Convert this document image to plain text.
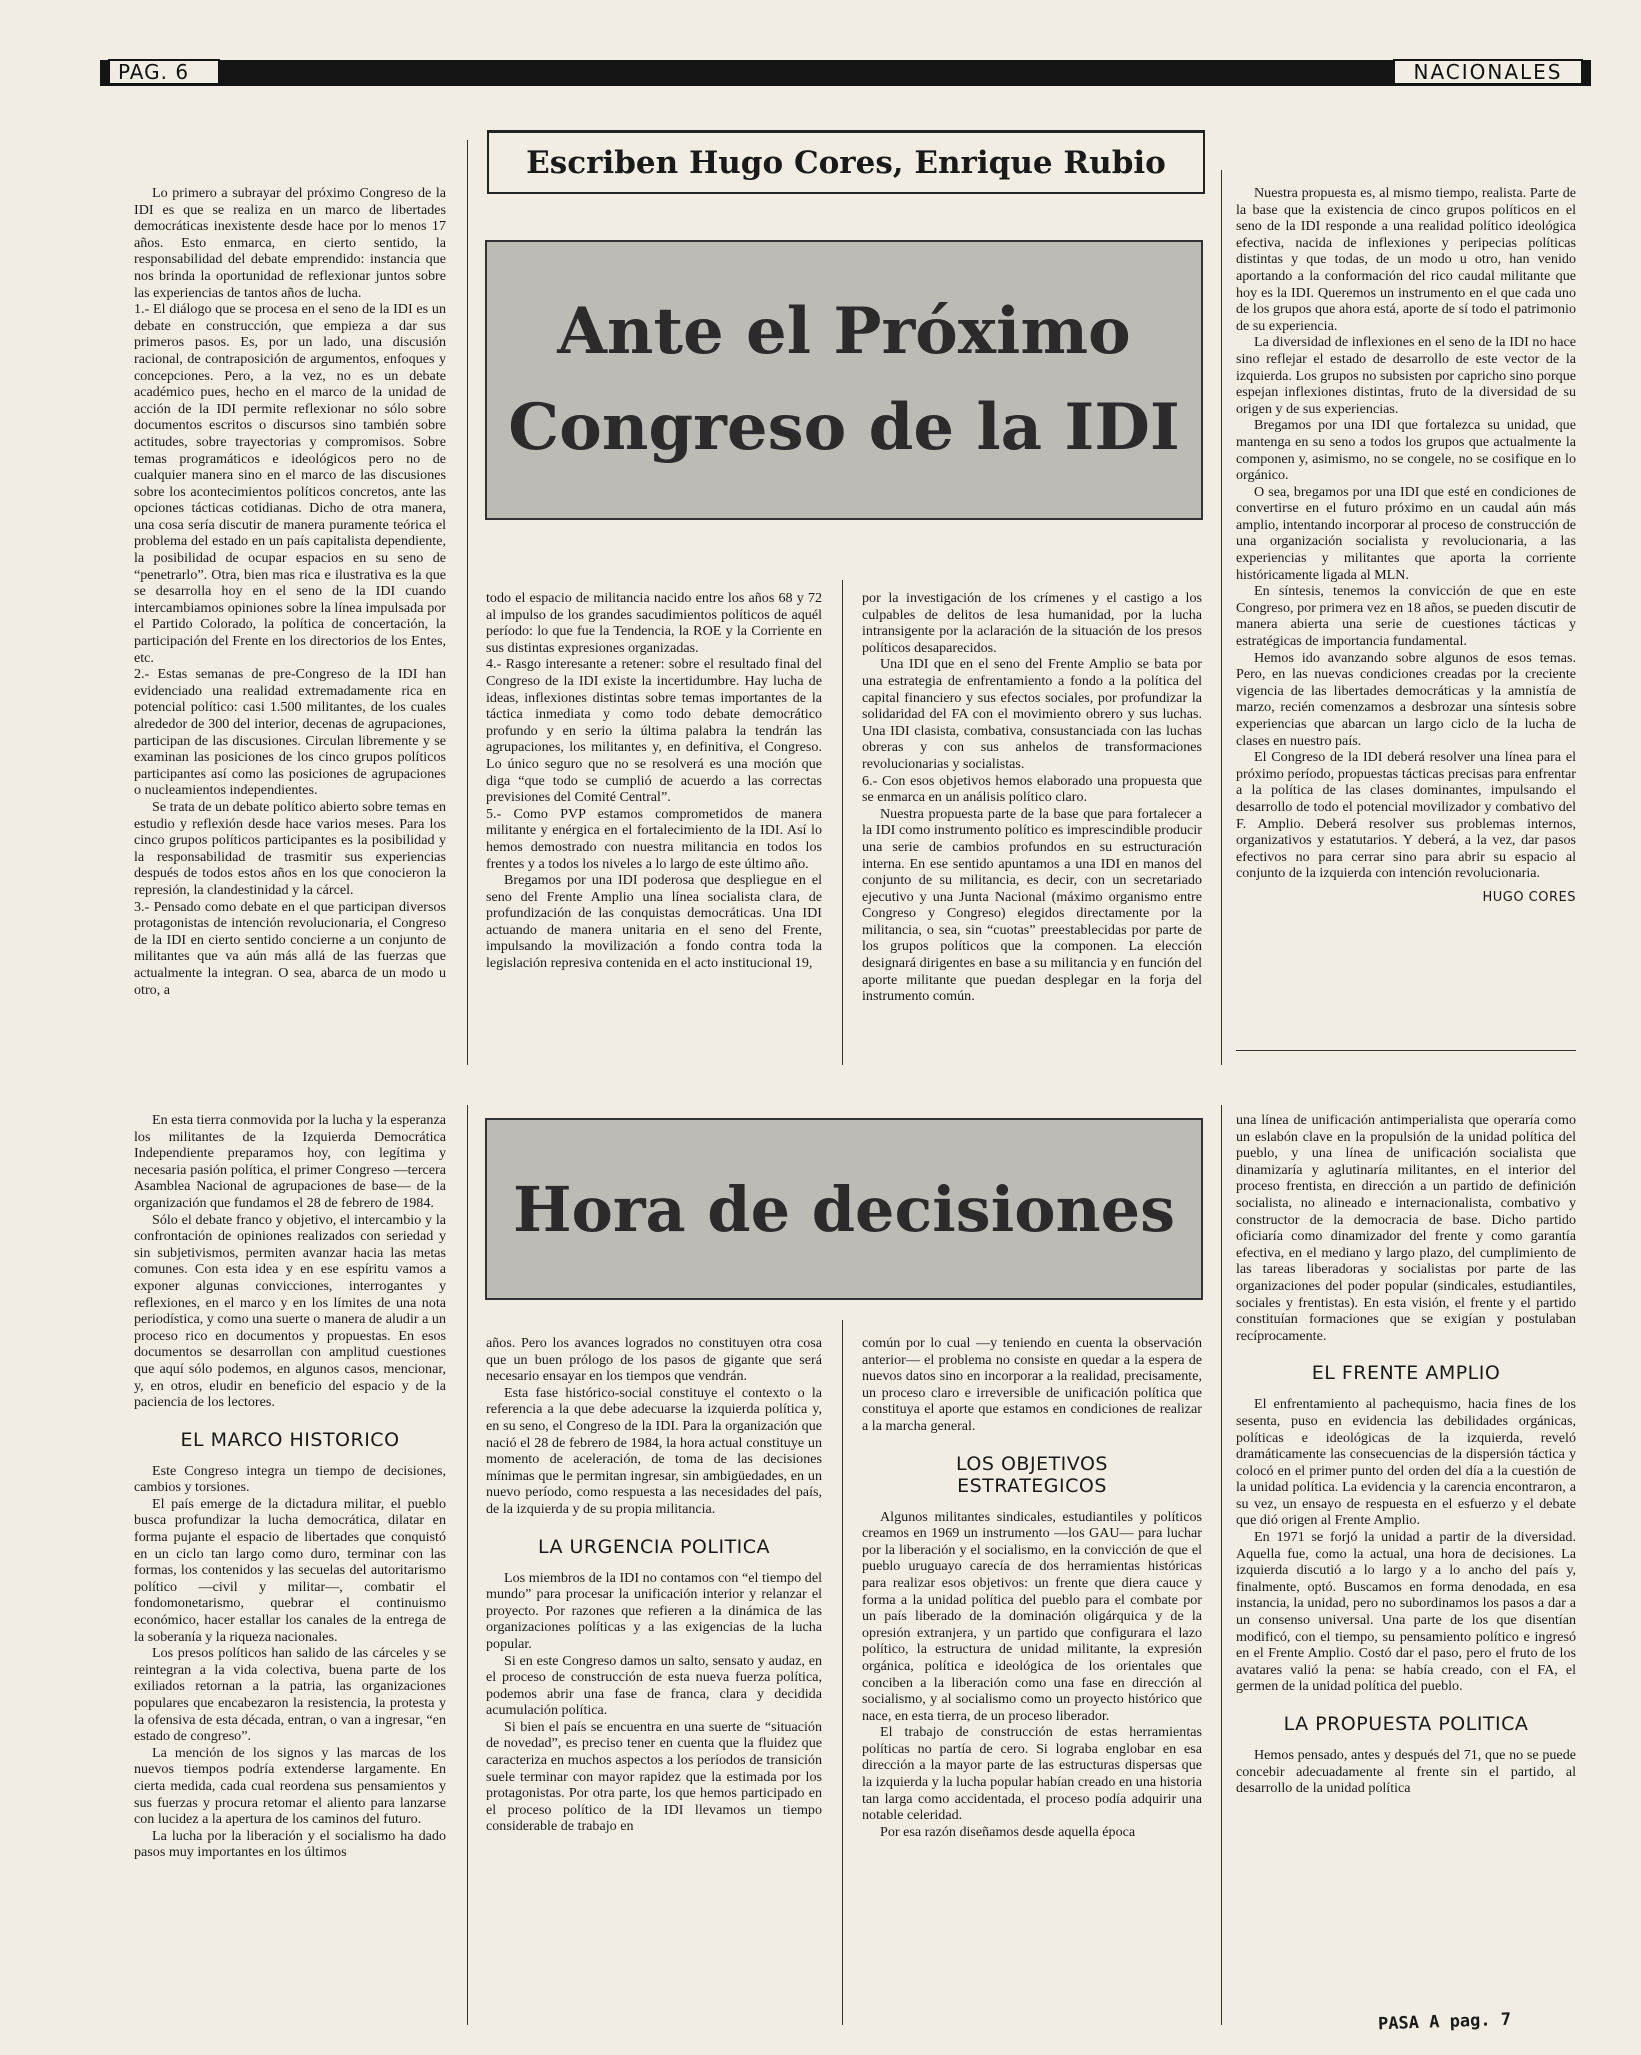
PAG. 6	NACIONALES
Escriben Hugo Cores, Enrique Rubio
Ante el Próximo
Congreso de la IDI

Lo primero a subrayar del próximo Congreso de la IDI es que se realiza en un marco de libertades democráticas inexistente desde hace por lo menos 17 años. Esto enmarca, en cierto sentido, la responsabilidad del debate emprendido: instancia que nos brinda la oportunidad de reflexionar juntos sobre las experiencias de tantos años de lucha.

1.- El diálogo que se procesa en el seno de la IDI es un debate en construcción, que empieza a dar sus primeros pasos. Es, por un lado, una discusión racional, de contraposición de argumentos, enfoques y concepciones. Pero, a la vez, no es un debate académico pues, hecho en el marco de la unidad de acción de la IDI permite reflexionar no sólo sobre documentos escritos o discursos sino también sobre actitudes, sobre trayectorias y compromisos. Sobre temas programáticos e ideológicos pero no de cualquier manera sino en el marco de las discusiones sobre los acontecimientos políticos concretos, ante las opciones tácticas cotidianas. Dicho de otra manera, una cosa sería discutir de manera puramente teórica el problema del estado en un país capitalista dependiente, la posibilidad de ocupar espacios en su seno de “penetrarlo”. Otra, bien mas rica e ilustrativa es la que se desarrolla hoy en el seno de la IDI cuando intercambiamos opiniones sobre la línea impulsada por el Partido Colorado, la política de concertación, la participación del Frente en los directorios de los Entes, etc.

2.- Estas semanas de pre-Congreso de la IDI han evidenciado una realidad extremadamente rica en potencial político: casi 1.500 militantes, de los cuales alrededor de 300 del interior, decenas de agrupaciones, participan de las discusiones. Circulan libremente y se examinan las posiciones de los cinco grupos políticos participantes así como las posiciones de agrupaciones o nucleamientos independientes.

Se trata de un debate político abierto sobre temas en estudio y reflexión desde hace varios meses. Para los cinco grupos políticos participantes es la posibilidad y la responsabilidad de trasmitir sus experiencias después de todos estos años en los que conocieron la represión, la clandestinidad y la cárcel.

3.- Pensado como debate en el que participan diversos protagonistas de intención revolucionaria, el Congreso de la IDI en cierto sentido concierne a un conjunto de militantes que va aún más allá de las fuerzas que actualmente la integran. O sea, abarca de un modo u otro, a

todo el espacio de militancia nacido entre los años 68 y 72 al impulso de los grandes sacudimientos políticos de aquél período: lo que fue la Tendencia, la ROE y la Corriente en sus distintas expresiones organizadas.

4.- Rasgo interesante a retener: sobre el resultado final del Congreso de la IDI existe la incertidumbre. Hay lucha de ideas, inflexiones distintas sobre temas importantes de la táctica inmediata y como todo debate democrático profundo y en serio la última palabra la tendrán las agrupaciones, los militantes y, en definitiva, el Congreso. Lo único seguro que no se resolverá es una moción que diga “que todo se cumplió de acuerdo a las correctas previsiones del Comité Central”.

5.- Como PVP estamos comprometidos de manera militante y enérgica en el fortalecimiento de la IDI. Así lo hemos demostrado con nuestra militancia en todos los frentes y a todos los niveles a lo largo de este último año.

Bregamos por una IDI poderosa que despliegue en el seno del Frente Amplio una línea socialista clara, de profundización de las conquistas democráticas. Una IDI actuando de manera unitaria en el seno del Frente, impulsando la movilización a fondo contra toda la legislación represiva contenida en el acto institucional 19,

por la investigación de los crímenes y el castigo a los culpables de delitos de lesa humanidad, por la lucha intransigente por la aclaración de la situación de los presos políticos desaparecidos.

Una IDI que en el seno del Frente Amplio se bata por una estrategia de enfrentamiento a fondo a la política del capital financiero y sus efectos sociales, por profundizar la solidaridad del FA con el movimiento obrero y sus luchas. Una IDI clasista, combativa, consustanciada con las luchas obreras y con sus anhelos de transformaciones revolucionarias y socialistas.

6.- Con esos objetivos hemos elaborado una propuesta que se enmarca en un análisis político claro.

Nuestra propuesta parte de la base que para fortalecer a la IDI como instrumento político es imprescindible producir una serie de cambios profundos en su estructuración interna. En ese sentido apuntamos a una IDI en manos del conjunto de su militancia, es decir, con un secretariado ejecutivo y una Junta Nacional (máximo organismo entre Congreso y Congreso) elegidos directamente por la militancia, o sea, sin “cuotas” preestablecidas por parte de los grupos políticos que la componen. La elección designará dirigentes en base a su militancia y en función del aporte militante que puedan desplegar en la forja del instrumento común.

Nuestra propuesta es, al mismo tiempo, realista. Parte de la base que la existencia de cinco grupos políticos en el seno de la IDI responde a una realidad político ideológica efectiva, nacida de inflexiones y peripecias políticas distintas y que todas, de un modo u otro, han venido aportando a la conformación del rico caudal militante que hoy es la IDI. Queremos un instrumento en el que cada uno de los grupos que ahora está, aporte de sí todo el patrimonio de su experiencia.

La diversidad de inflexiones en el seno de la IDI no hace sino reflejar el estado de desarrollo de este vector de la izquierda. Los grupos no subsisten por capricho sino porque espejan inflexiones distintas, fruto de la diversidad de su origen y de sus experiencias.

Bregamos por una IDI que fortalezca su unidad, que mantenga en su seno a todos los grupos que actualmente la componen y, asimismo, no se congele, no se cosifique en lo orgánico.

O sea, bregamos por una IDI que esté en condiciones de convertirse en el futuro próximo en un caudal aún más amplio, intentando incorporar al proceso de construcción de una organización socialista y revolucionaria, a las experiencias y militantes que aporta la corriente históricamente ligada al MLN.

En síntesis, tenemos la convicción de que en este Congreso, por primera vez en 18 años, se pueden discutir de manera abierta una serie de cuestiones tácticas y estratégicas de importancia fundamental.

Hemos ido avanzando sobre algunos de esos temas. Pero, en las nuevas condiciones creadas por la creciente vigencia de las libertades democráticas y la amnistía de marzo, recién comenzamos a desbrozar una síntesis sobre experiencias que abarcan un largo ciclo de la lucha de clases en nuestro país.

El Congreso de la IDI deberá resolver una línea para el próximo período, propuestas tácticas precisas para enfrentar a la política de las clases dominantes, impulsando el desarrollo de todo el potencial movilizador y combativo del F. Amplio. Deberá resolver sus problemas internos, organizativos y estatutarios. Y deberá, a la vez, dar pasos efectivos no para cerrar sino para abrir su espacio al conjunto de la izquierda con intención revolucionaria.

HUGO CORES
Hora de decisiones

En esta tierra conmovida por la lucha y la esperanza los militantes de la Izquierda Democrática Independiente preparamos hoy, con legítima y necesaria pasión política, el primer Congreso —tercera Asamblea Nacional de agrupaciones de base— de la organización que fundamos el 28 de febrero de 1984.

Sólo el debate franco y objetivo, el intercambio y la confrontación de opiniones realizados con seriedad y sin subjetivismos, permiten avanzar hacia las metas comunes. Con esta idea y en ese espíritu vamos a exponer algunas convicciones, interrogantes y reflexiones, en el marco y en los límites de una nota periodística, y como una suerte o manera de aludir a un proceso rico en documentos y propuestas. En esos documentos se desarrollan con amplitud cuestiones que aquí sólo podemos, en algunos casos, mencionar, y, en otros, eludir en beneficio del espacio y de la paciencia de los lectores.

EL MARCO HISTORICO

Este Congreso integra un tiempo de decisiones, cambios y torsiones.

El país emerge de la dictadura militar, el pueblo busca profundizar la lucha democrática, dilatar en forma pujante el espacio de libertades que conquistó en un ciclo tan largo como duro, terminar con las formas, los contenidos y las secuelas del autoritarismo político —civil y militar—, combatir el fondomonetarismo, quebrar el continuismo económico, hacer estallar los canales de la entrega de la soberanía y la riqueza nacionales.

Los presos políticos han salido de las cárceles y se reintegran a la vida colectiva, buena parte de los exiliados retornan a la patria, las organizaciones populares que encabezaron la resistencia, la protesta y la ofensiva de esta década, entran, o van a ingresar, “en estado de congreso”.

La mención de los signos y las marcas de los nuevos tiempos podría extenderse largamente. En cierta medida, cada cual reordena sus pensamientos y sus fuerzas y procura retomar el aliento para lanzarse con lucidez a la apertura de los caminos del futuro.

La lucha por la liberación y el socialismo ha dado pasos muy importantes en los últimos

años. Pero los avances logrados no constituyen otra cosa que un buen prólogo de los pasos de gigante que será necesario ensayar en los tiempos que vendrán.

Esta fase histórico-social constituye el contexto o la referencia a la que debe adecuarse la izquierda política y, en su seno, el Congreso de la IDI. Para la organización que nació el 28 de febrero de 1984, la hora actual constituye un momento de aceleración, de toma de las decisiones mínimas que le permitan ingresar, sin ambigüedades, en un nuevo período, como respuesta a las necesidades del país, de la izquierda y de su propia militancia.

LA URGENCIA POLITICA

Los miembros de la IDI no contamos con “el tiempo del mundo” para procesar la unificación interior y relanzar el proyecto. Por razones que refieren a la dinámica de las organizaciones políticas y a las exigencias de la lucha popular.

Si en este Congreso damos un salto, sensato y audaz, en el proceso de construcción de esta nueva fuerza política, podemos abrir una fase de franca, clara y decidida acumulación política.

Si bien el país se encuentra en una suerte de “situación de novedad”, es preciso tener en cuenta que la fluidez que caracteriza en muchos aspectos a los períodos de transición suele terminar con mayor rapidez que la estimada por los protagonistas. Por otra parte, los que hemos participado en el proceso político de la IDI llevamos un tiempo considerable de trabajo en

común por lo cual —y teniendo en cuenta la observación anterior— el problema no consiste en quedar a la espera de nuevos datos sino en incorporar a la realidad, precisamente, un proceso claro e irreversible de unificación política que constituya el aporte que estamos en condiciones de realizar a la marcha general.

LOS OBJETIVOS
ESTRATEGICOS

Algunos militantes sindicales, estudiantiles y políticos creamos en 1969 un instrumento —los GAU— para luchar por la liberación y el socialismo, en la convicción de que el pueblo uruguayo carecía de dos herramientas históricas para realizar esos objetivos: un frente que diera cauce y forma a la unidad política del pueblo para el combate por un país liberado de la dominación oligárquica y de la opresión extranjera, y un partido que configurara el lazo político, la estructura de unidad militante, la expresión orgánica, política e ideológica de los orientales que conciben a la liberación como una fase en dirección al socialismo, y al socialismo como un proyecto histórico que nace, en esta tierra, de un proceso liberador.

El trabajo de construcción de estas herramientas políticas no partía de cero. Si lograba englobar en esa dirección a la mayor parte de las estructuras dispersas que la izquierda y la lucha popular habían creado en una historia tan larga como accidentada, el proceso podía adquirir una notable celeridad.

Por esa razón diseñamos desde aquella época

una línea de unificación antimperialista que operaría como un eslabón clave en la propulsión de la unidad política del pueblo, y una línea de unificación socialista que dinamizaría y aglutinaría militantes, en el interior del proceso frentista, en dirección a un partido de definición socialista, no alineado e internacionalista, combativo y constructor de la democracia de base. Dicho partido oficiaría como dinamizador del frente y como garantía efectiva, en el mediano y largo plazo, del cumplimiento de las tareas liberadoras y socialistas por parte de las organizaciones del poder popular (sindicales, estudiantiles, sociales y frentistas). En esta visión, el frente y el partido constituían formaciones que se exigían y postulaban recíprocamente.

EL FRENTE AMPLIO

El enfrentamiento al pachequismo, hacia fines de los sesenta, puso en evidencia las debilidades orgánicas, políticas e ideológicas de la izquierda, reveló dramáticamente las consecuencias de la dispersión táctica y colocó en el primer punto del orden del día a la cuestión de la unidad política. La evidencia y la carencia encontraron, a su vez, un ensayo de respuesta en el esfuerzo y el debate que dió origen al Frente Amplio.

En 1971 se forjó la unidad a partir de la diversidad. Aquella fue, como la actual, una hora de decisiones. La izquierda discutió a lo largo y a lo ancho del país y, finalmente, optó. Buscamos en forma denodada, en esa instancia, la unidad, pero no subordinamos los pasos a dar a un consenso universal. Una parte de los que disentían modificó, con el tiempo, su pensamiento político e ingresó en el Frente Amplio. Costó dar el paso, pero el fruto de los avatares valió la pena: se había creado, con el FA, el germen de la unidad política del pueblo.

LA PROPUESTA POLITICA

Hemos pensado, antes y después del 71, que no se puede concebir adecuadamente al frente sin el partido, al desarrollo de la unidad política

PASA A pag. 7
